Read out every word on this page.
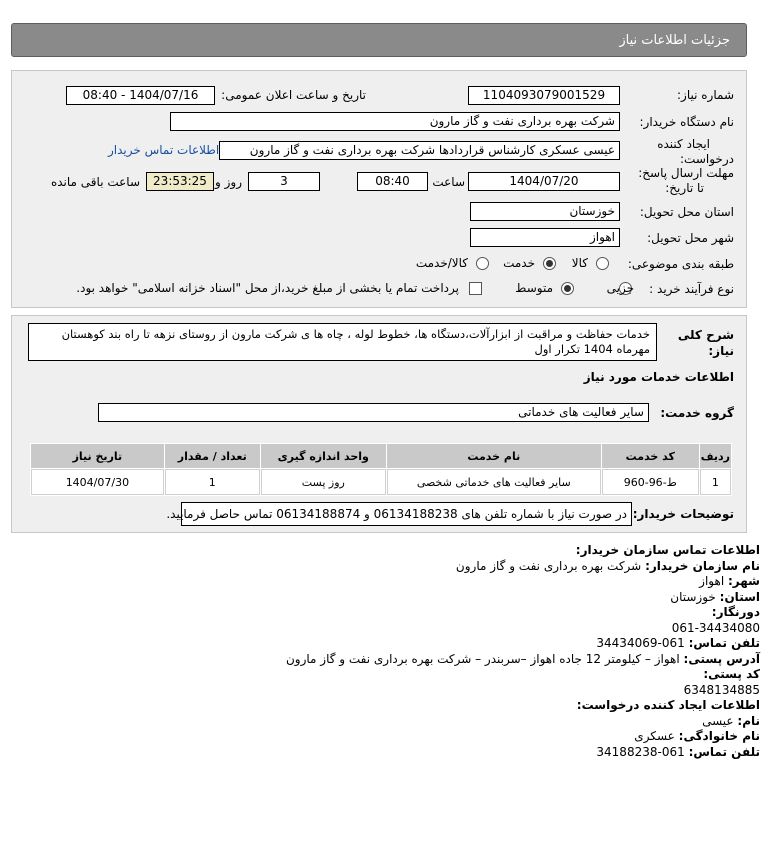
جزئیات اطلاعات نیاز
شماره نیاز:
1104093079001529
تاریخ و ساعت اعلان عمومی:
1404/07/16 - 08:40
نام دستگاه خریدار:
شرکت بهره برداری نفت و گاز مارون
ایجاد کننده
درخواست:
عیسی عسکری کارشناس قراردادها شرکت بهره برداری نفت و گاز مارون
اطلاعات تماس خریدار
مهلت ارسال پاسخ:
تا تاریخ:
1404/07/20
ساعت
08:40
3
روز و
23:53:25
ساعت باقی مانده
استان محل تحویل:
خوزستان
شهر محل تحویل:
اهواز
طبقه بندی موضوعی:
کالا
خدمت
کالا/خدمت
نوع فرآیند خرید :
جزیی
متوسط
پرداخت تمام یا بخشی از مبلغ خرید،از محل "اسناد خزانه اسلامی" خواهد بود.
شرح کلی
نیاز:
خدمات حفاظت و مراقبت از ابزارآلات،دستگاه ها، خطوط لوله ، چاه ها ی شرکت مارون از روستای نزهه تا راه بند کوهستان
مهرماه 1404 تکرار اول
اطلاعات خدمات مورد نیاز
گروه خدمت:
سایر فعالیت های خدماتی
ردیف	کد خدمت	نام خدمت	واحد اندازه گیری	تعداد / مقدار	تاریخ نیاز
1	ط-96-960	سایر فعالیت های خدماتی شخصی	روز پست	1	1404/07/30
توضیحات خریدار:
در صورت نیاز با شماره تلفن های 06134188238 و 06134188874 تماس حاصل فرمایید.
اطلاعات تماس سازمان خریدار:
نام سازمان خریدار: شرکت بهره برداری نفت و گاز مارون
شهر: اهواز
استان: خوزستان
دورنگار:
061-34434080
تلفن تماس: 061-34434069
آدرس پستی: اهواز – کیلومتر 12 جاده اهواز –سربندر – شرکت بهره برداری نفت و گاز مارون
کد پستی:
6348134885
اطلاعات ایجاد کننده درخواست:
نام: عیسی
نام خانوادگی: عسکری
تلفن تماس: 061-34188238
